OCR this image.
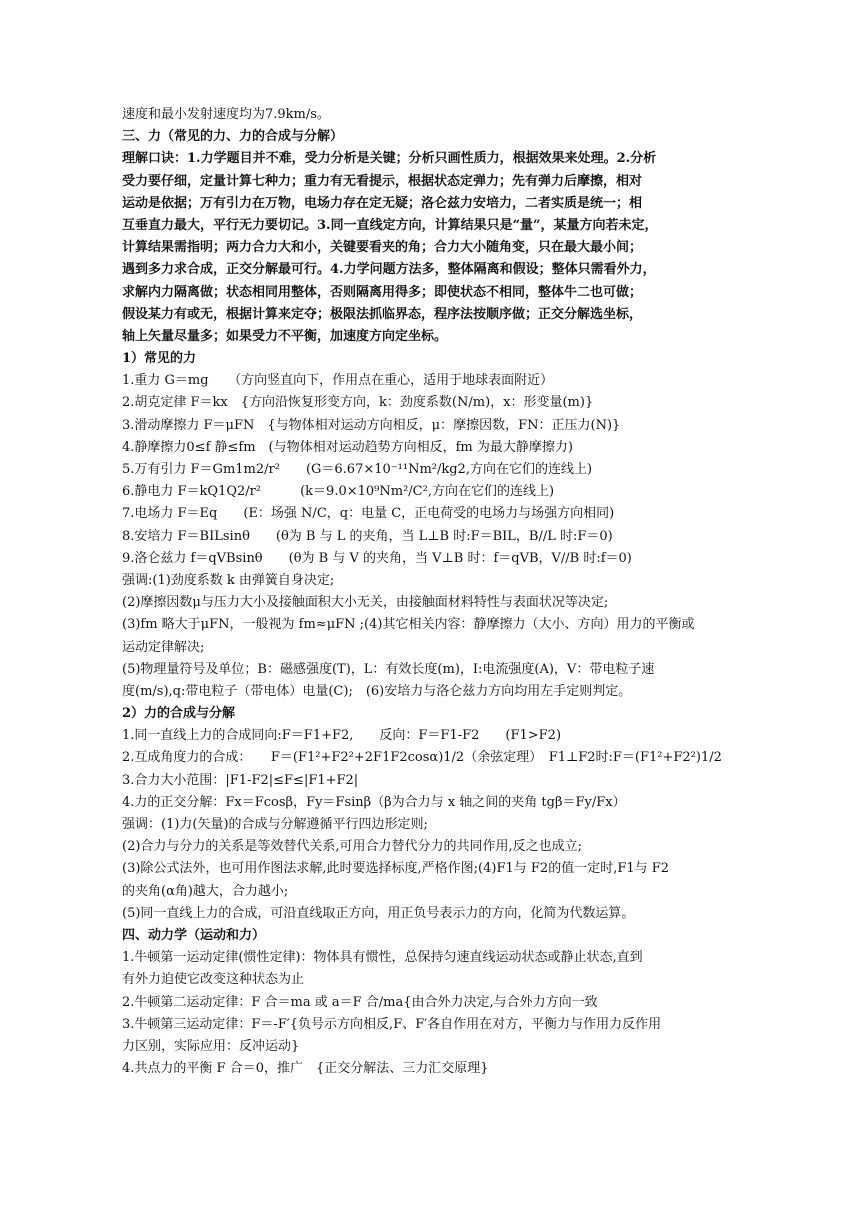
速度和最小发射速度均为7.9km/s。
三、力（常见的力、力的合成与分解）
理解口诀：1.力学题目并不难，受力分析是关键；分析只画性质力，根据效果来处理。2.分析
受力要仔细，定量计算七种力；重力有无看提示，根据状态定弹力；先有弹力后摩擦，相对
运动是依据；万有引力在万物，电场力存在定无疑；洛仑兹力安培力，二者实质是统一；相
互垂直力最大，平行无力要切记。3.同一直线定方向，计算结果只是“量”，某量方向若未定，
计算结果需指明；两力合力大和小，关键要看夹的角；合力大小随角变，只在最大最小间；
遇到多力求合成，正交分解最可行。4.力学问题方法多，整体隔离和假设；整体只需看外力，
求解内力隔离做；状态相同用整体，否则隔离用得多；即使状态不相同，整体牛二也可做；
假设某力有或无，根据计算来定夺；极限法抓临界态，程序法按顺序做；正交分解选坐标，
轴上矢量尽量多；如果受力不平衡，加速度方向定坐标。
1）常见的力
1.重力 G＝mg　　（方向竖直向下，作用点在重心，适用于地球表面附近）
2.胡克定律 F＝kx　{方向沿恢复形变方向，k：劲度系数(N/m)，x：形变量(m)}
3.滑动摩擦力 F＝μFN　{与物体相对运动方向相反，μ：摩擦因数，FN：正压力(N)}
4.静摩擦力0≤f 静≤fm　(与物体相对运动趋势方向相反，fm 为最大静摩擦力)
5.万有引力 F＝Gm1m2/r²　　(G＝6.67×10⁻¹¹Nm²/kg2,方向在它们的连线上)
6.静电力 F＝kQ1Q2/r²　　　(k＝9.0×10⁹Nm²/C²,方向在它们的连线上)
7.电场力 F＝Eq　　(E：场强 N/C，q：电量 C，正电荷受的电场力与场强方向相同)
8.安培力 F＝BILsinθ　　(θ为 B 与 L 的夹角，当 L⊥B 时:F＝BIL，B//L 时:F＝0)
9.洛仑兹力 f＝qVBsinθ　　(θ为 B 与 V 的夹角，当 V⊥B 时：f＝qVB，V//B 时:f＝0)
强调:(1)劲度系数 k 由弹簧自身决定;
(2)摩擦因数μ与压力大小及接触面积大小无关，由接触面材料特性与表面状况等决定;
(3)fm 略大于μFN，一般视为 fm≈μFN ;(4)其它相关内容：静摩擦力（大小、方向）用力的平衡或
运动定律解决;
(5)物理量符号及单位；B：磁感强度(T)，L：有效长度(m)，I:电流强度(A)，V：带电粒子速
度(m/s),q:带电粒子（带电体）电量(C);　(6)安培力与洛仑兹力方向均用左手定则判定。
2）力的合成与分解
1.同一直线上力的合成同向:F＝F1+F2,　　反向：F＝F1-F2　　(F1>F2)
2.互成角度力的合成：　　F＝(F1²+F2²+2F1F2cosα)1/2（余弦定理）　F1⊥F2时:F＝(F1²+F2²)1/2
3.合力大小范围：|F1-F2|≤F≤|F1+F2|
4.力的正交分解：Fx＝Fcosβ，Fy＝Fsinβ（β为合力与 x 轴之间的夹角 tgβ＝Fy/Fx）
强调：(1)力(矢量)的合成与分解遵循平行四边形定则;
(2)合力与分力的关系是等效替代关系,可用合力替代分力的共同作用,反之也成立;
(3)除公式法外，也可用作图法求解,此时要选择标度,严格作图;(4)F1与 F2的值一定时,F1与 F2
的夹角(α角)越大，合力越小;
(5)同一直线上力的合成，可沿直线取正方向，用正负号表示力的方向，化简为代数运算。
四、动力学（运动和力）
1.牛顿第一运动定律(惯性定律)：物体具有惯性，总保持匀速直线运动状态或静止状态,直到
有外力迫使它改变这种状态为止
2.牛顿第二运动定律：F 合＝ma 或 a＝F 合/ma{由合外力决定,与合外力方向一致
3.牛顿第三运动定律：F＝-F′{负号示方向相反,F、F′各自作用在对方，平衡力与作用力反作用
力区别，实际应用：反冲运动}
4.共点力的平衡 F 合＝0，推广　{正交分解法、三力汇交原理}
